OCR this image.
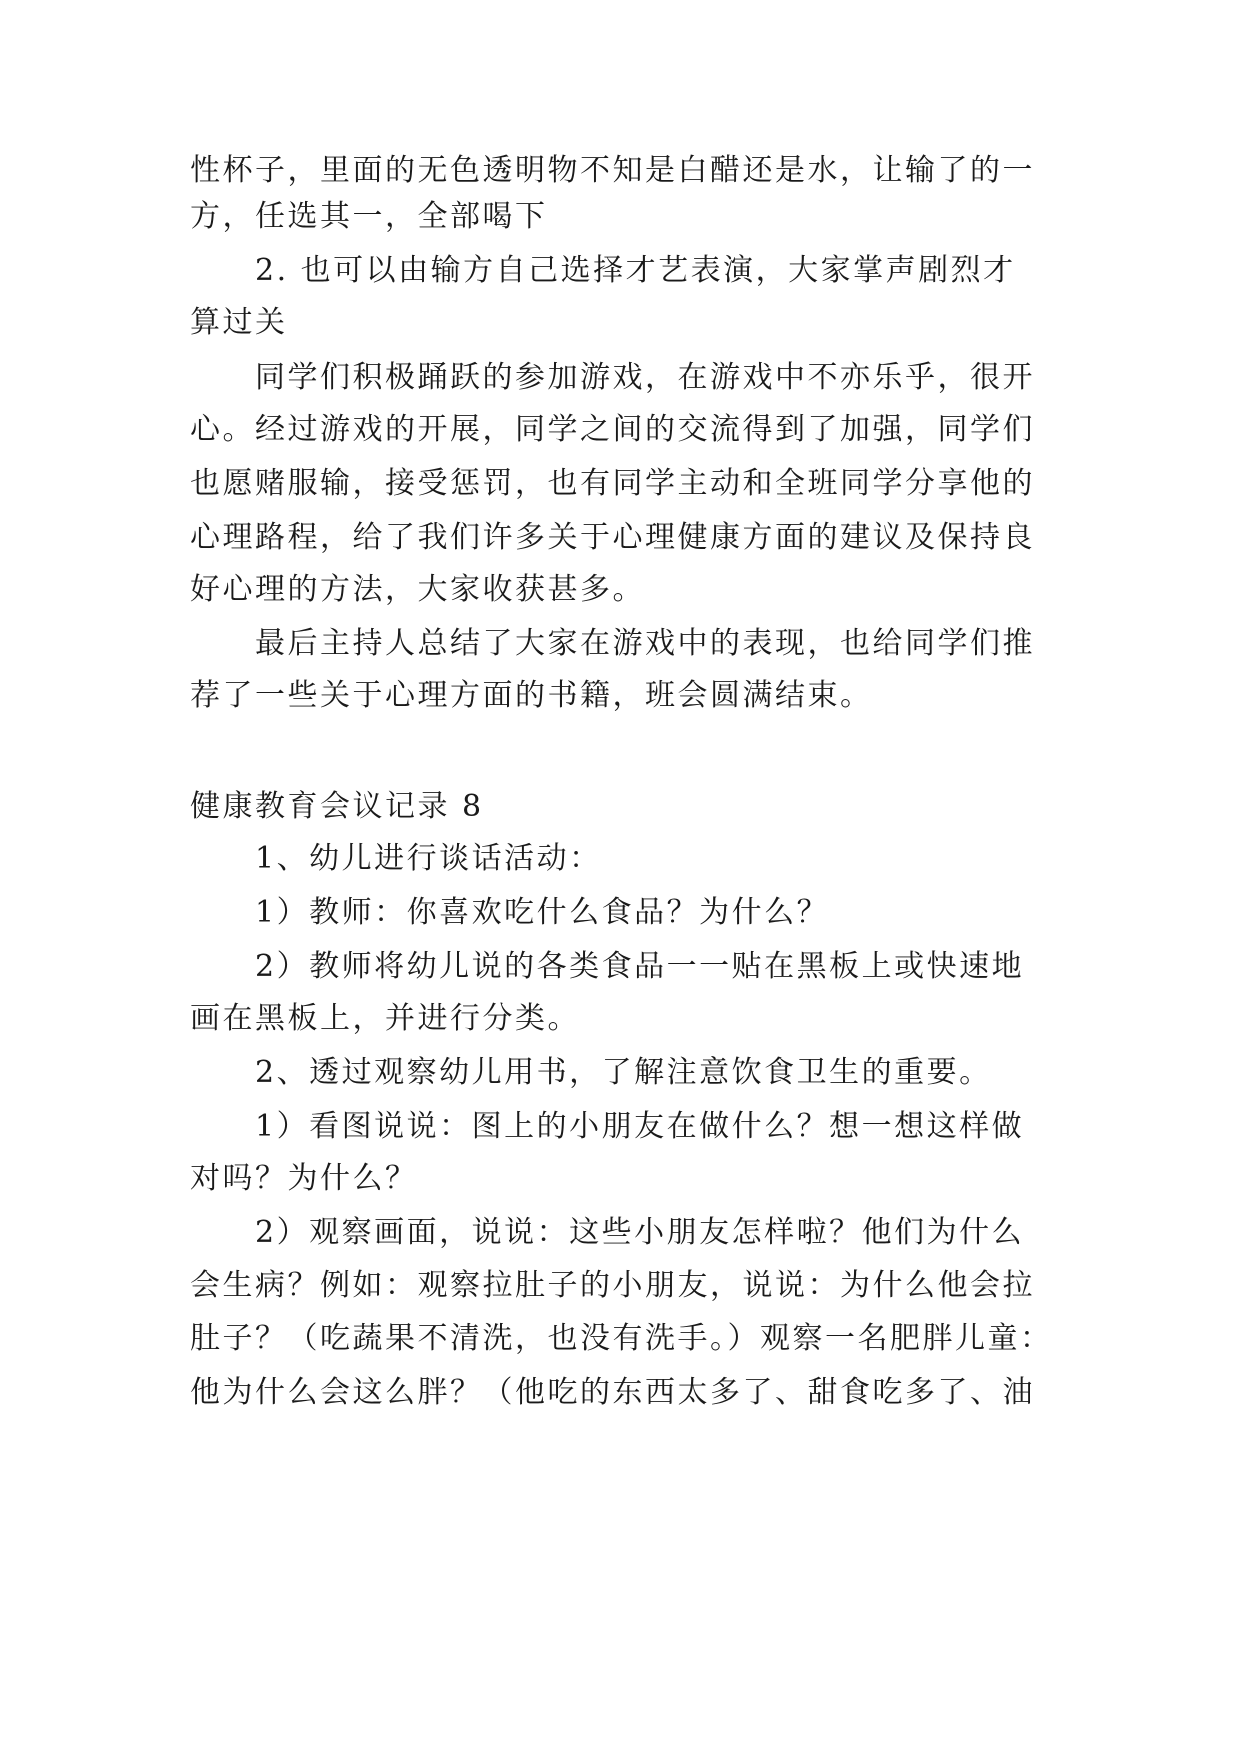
性杯子，里面的无色透明物不知是白醋还是水，让输了的一
方，任选其一，全部喝下
2. 也可以由输方自己选择才艺表演，大家掌声剧烈才
算过关
同学们积极踊跃的参加游戏，在游戏中不亦乐乎，很开
心。经过游戏的开展，同学之间的交流得到了加强，同学们
也愿赌服输，接受惩罚，也有同学主动和全班同学分享他的
心理路程，给了我们许多关于心理健康方面的建议及保持良
好心理的方法，大家收获甚多。
最后主持人总结了大家在游戏中的表现，也给同学们推
荐了一些关于心理方面的书籍，班会圆满结束。
健康教育会议记录 8
1、幼儿进行谈话活动：
1）教师：你喜欢吃什么食品？为什么？
2）教师将幼儿说的各类食品一一贴在黑板上或快速地
画在黑板上，并进行分类。
2、透过观察幼儿用书，了解注意饮食卫生的重要。
1）看图说说：图上的小朋友在做什么？想一想这样做
对吗？为什么？
2）观察画面，说说：这些小朋友怎样啦？他们为什么
会生病？例如：观察拉肚子的小朋友，说说：为什么他会拉
肚子？（吃蔬果不清洗，也没有洗手。）观察一名肥胖儿童：
他为什么会这么胖？（他吃的东西太多了、甜食吃多了、油
